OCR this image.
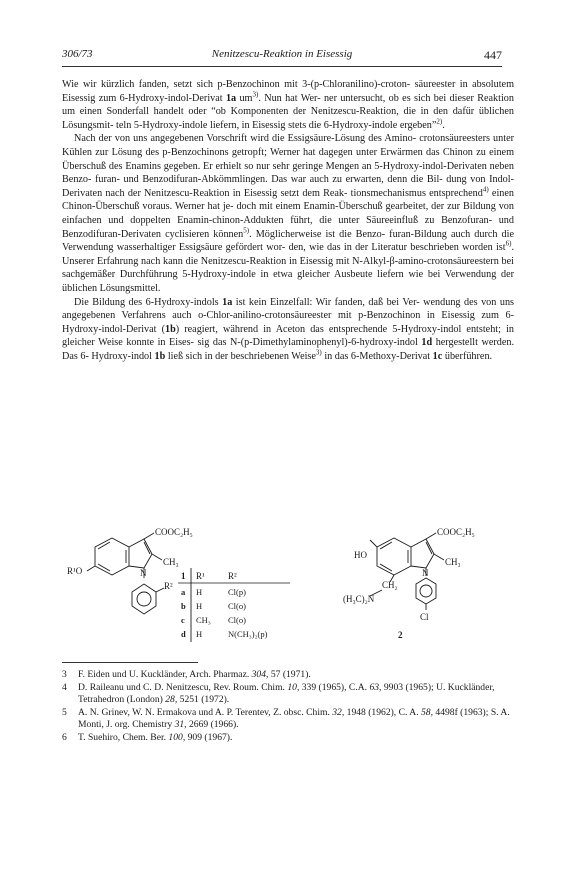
306/73	Nenitzescu-Reaktion in Eisessig	447

Wie wir kürzlich fanden, setzt sich p-Benzochinon mit 3-(p-Chloranilino)-croton- säureester in absolutem Eisessig zum 6-Hydroxy-indol-Derivat 1a $um^{3)}$. Nun hat Wer- ner untersucht, ob es sich bei dieser Reaktion um einen Sonderfall handelt oder “ob Komponenten der Nenitzescu-Reaktion, die in den dafür üblichen Lösungsmit- teln 5-Hydroxy-indole liefern, in Eisessig stets die 6-Hydroxy-indole ergeben”$^{2)}$.

Nach der von uns angegebenen Vorschrift wird die Essigsäure-Lösung des Amino- crotonsäureesters unter Kühlen zur Lösung des p-Benzochinons getropft; Werner hat dagegen unter Erwärmen das Chinon zu einem Überschuß des Enamins gegeben. Er erhielt so nur sehr geringe Mengen an 5-Hydroxy-indol-Derivaten neben Benzo- furan- und Benzodifuran-Abkömmlingen. Das war auch zu erwarten, denn die Bil- dung von Indol-Derivaten nach der Nenitzescu-Reaktion in Eisessig setzt dem Reak- tionsmechanismus entsprechend$^{4)}$ einen Chinon-Überschuß voraus. Werner hat je- doch mit einem Enamin-Überschuß gearbeitet, der zur Bildung von einfachen und doppelten Enamin-chinon-Addukten führt, die unter Säureeinfluß zu Benzofuran- und Benzodifuran-Derivaten cyclisieren können$^{5)}$. Möglicherweise ist die Benzo- furan-Bildung auch durch die Verwendung wasserhaltiger Essigsäure gefördert wor- den, wie das in der Literatur beschrieben worden ist$^{6)}$. Unserer Erfahrung nach kann die Nenitzescu-Reaktion in Eisessig mit N-Alkyl-β-amino-crotonsäureestern bei sachgemäßer Durchführung 5-Hydroxy-indole in etwa gleicher Ausbeute liefern wie bei Verwendung der üblichen Lösungsmittel.

Die Bildung des 6-Hydroxy-indols 1a ist kein Einzelfall: Wir fanden, daß bei Ver- wendung des von uns angegebenen Verfahrens auch o-Chlor-anilino-crotonsäureester mit p-Benzochinon in Eisessig zum 6-Hydroxy-indol-Derivat (1b) reagiert, während in Aceton das entsprechende 5-Hydroxy-indol entsteht; in gleicher Weise konnte in Eises- sig das N-(p-Dimethylaminophenyl)-6-hydroxy-indol 1d hergestellt werden. Das 6- Hydroxy-indol 1b ließ sich in der beschriebenen Weise$^{3)}$ in das 6-Methoxy-Derivat 1c überführen.

COOC₂H₅
R¹O	N
CH₃
R²
1 R¹	R²
a H	Cl(p)
b H	Cl(o)
c CH₃ Cl(o)
d H	N(CH₃)₂(p)
COOC₂H₅
HO
N
CH₃
CH₂
(H₃C)₂N
Cl
2
3 F. Eiden und U. Kuckländer, Arch. Pharmaz. 304, 57 (1971).
4 D. Raileanu und C. D. Nenitzescu, Rev. Roum. Chim. 10, 339 (1965), C.A. 63, 9903 (1965); U. Kuckländer, Tetrahedron (London) 28, 5251 (1972).
5 A. N. Grinev, W. N. Ermakova und A. P. Terentev, Z. obsc. Chim. 32, 1948 (1962), C. A. 58, 4498f (1963); S. A. Monti, J. org. Chemistry 31, 2669 (1966).
6 T. Suehiro, Chem. Ber. 100, 909 (1967).
